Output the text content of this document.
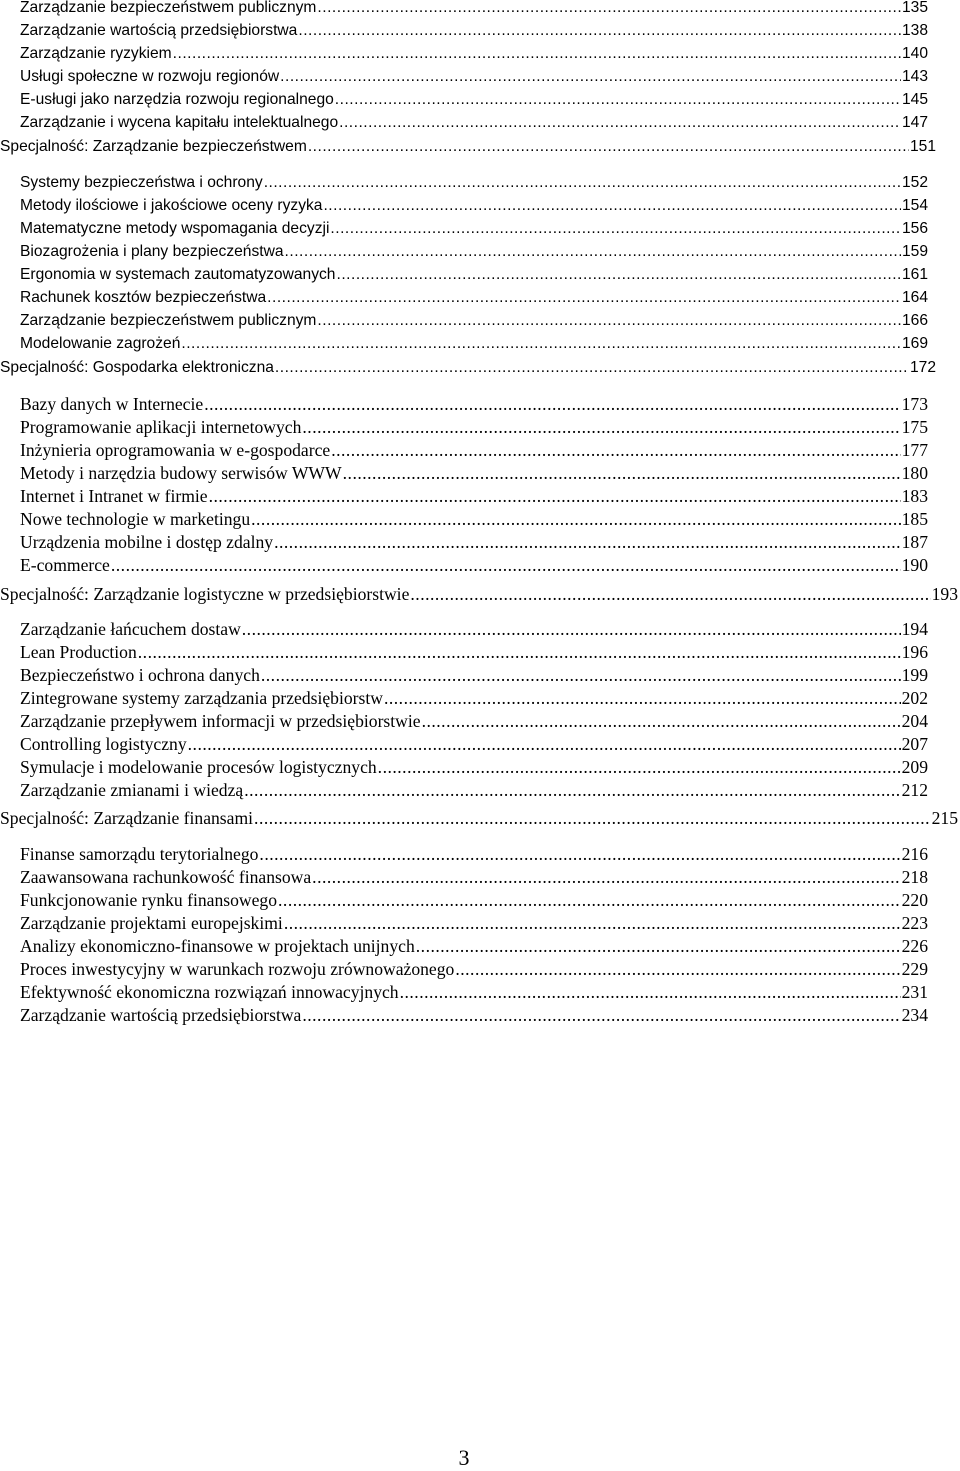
Zarządzanie bezpieczeństwem publicznym .....	135
Zarządzanie wartością przedsiębiorstwa .....	138
Zarządzanie ryzykiem .....	140
Usługi społeczne w rozwoju regionów .....	143
E-usługi jako narzędzia rozwoju regionalnego .....	145
Zarządzanie i wycena kapitału intelektualnego .....	147
Specjalność: Zarządzanie bezpieczeństwem .....	151
Systemy bezpieczeństwa i ochrony .....	152
Metody ilościowe i jakościowe oceny ryzyka .....	154
Matematyczne metody wspomagania decyzji .....	156
Biozagrożenia i plany bezpieczeństwa .....	159
Ergonomia w systemach zautomatyzowanych .....	161
Rachunek kosztów bezpieczeństwa .....	164
Zarządzanie bezpieczeństwem publicznym .....	166
Modelowanie zagrożeń .....	169
Specjalność: Gospodarka elektroniczna .....	172
Bazy danych w Internecie .....	173
Programowanie aplikacji internetowych .....	175
Inżynieria oprogramowania w e-gospodarce .....	177
Metody i narzędzia budowy serwisów WWW .....	180
Internet i Intranet w firmie .....	183
Nowe technologie w marketingu .....	185
Urządzenia mobilne i dostęp zdalny .....	187
E-commerce .....	190
Specjalność: Zarządzanie logistyczne w przedsiębiorstwie .....	193
Zarządzanie łańcuchem dostaw .....	194
Lean Production .....	196
Bezpieczeństwo i ochrona danych .....	199
Zintegrowane systemy zarządzania przedsiębiorstw .....	202
Zarządzanie przepływem informacji w przedsiębiorstwie .....	204
Controlling logistyczny .....	207
Symulacje i modelowanie procesów logistycznych .....	209
Zarządzanie zmianami i wiedzą .....	212
Specjalność: Zarządzanie finansami .....	215
Finanse samorządu terytorialnego .....	216
Zaawansowana rachunkowość finansowa .....	218
Funkcjonowanie rynku finansowego .....	220
Zarządzanie projektami europejskimi .....	223
Analizy ekonomiczno-finansowe w projektach unijnych .....	226
Proces inwestycyjny w warunkach rozwoju zrównoważonego .....	229
Efektywność ekonomiczna rozwiązań innowacyjnych .....	231
Zarządzanie wartością przedsiębiorstwa .....	234
3
